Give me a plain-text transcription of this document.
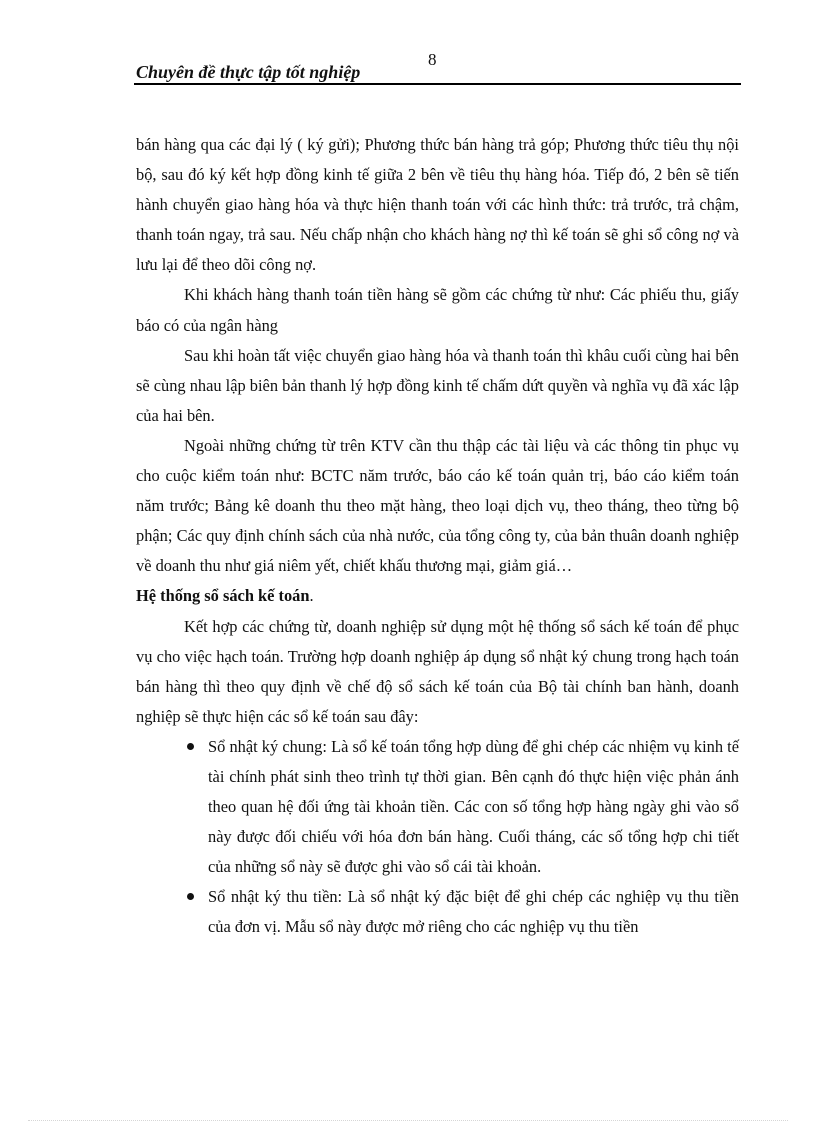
8
Chuyên đề thực tập tốt nghiệp

bán hàng qua các đại lý ( ký gửi); Phương thức bán hàng trả góp; Phương thức tiêu thụ nội bộ, sau đó ký kết hợp đồng kinh tế giữa 2 bên về tiêu thụ hàng hóa. Tiếp đó, 2 bên sẽ tiến hành chuyển giao hàng hóa và thực hiện thanh toán với các hình thức: trả trước, trả chậm, thanh toán ngay, trả sau. Nếu chấp nhận cho khách hàng nợ thì kế toán sẽ ghi sổ công nợ và lưu lại để theo dõi công nợ.

Khi khách hàng thanh toán tiền hàng sẽ gồm các chứng từ như: Các phiếu thu, giấy báo có của ngân hàng

Sau khi hoàn tất việc chuyển giao hàng hóa và thanh toán thì khâu cuối cùng hai bên sẽ cùng nhau lập biên bản thanh lý hợp đồng kinh tế chấm dứt quyền và nghĩa vụ đã xác lập của hai bên.

Ngoài những chứng từ trên KTV cần thu thập các tài liệu và các thông tin phục vụ cho cuộc kiểm toán như: BCTC năm trước, báo cáo kế toán quản trị, báo cáo kiểm toán năm trước; Bảng kê doanh thu theo mặt hàng, theo loại dịch vụ, theo tháng, theo từng bộ phận; Các quy định chính sách của nhà nước, của tổng công ty, của bản thuân doanh nghiệp về doanh thu như giá niêm yết, chiết khấu thương mại, giảm giá…

Hệ thống sổ sách kế toán.

Kết hợp các chứng từ, doanh nghiệp sử dụng một hệ thống sổ sách kế toán để phục vụ cho việc hạch toán. Trường hợp doanh nghiệp áp dụng sổ nhật ký chung trong hạch toán bán hàng thì theo quy định về chế độ sổ sách kế toán của Bộ tài chính ban hành, doanh nghiệp sẽ thực hiện các sổ kế toán sau đây:

Sổ nhật ký chung: Là sổ kế toán tổng hợp dùng để ghi chép các nhiệm vụ kinh tế tài chính phát sinh theo trình tự thời gian. Bên cạnh đó thực hiện việc phản ánh theo quan hệ đối ứng tài khoản tiền. Các con số tổng hợp hàng ngày ghi vào sổ này được đối chiếu với hóa đơn bán hàng. Cuối tháng, các số tổng hợp chi tiết của những sổ này sẽ được ghi vào sổ cái tài khoản.
Sổ nhật ký thu tiền: Là sổ nhật ký đặc biệt để ghi chép các nghiệp vụ thu tiền của đơn vị. Mẫu sổ này được mở riêng cho các nghiệp vụ thu tiền
